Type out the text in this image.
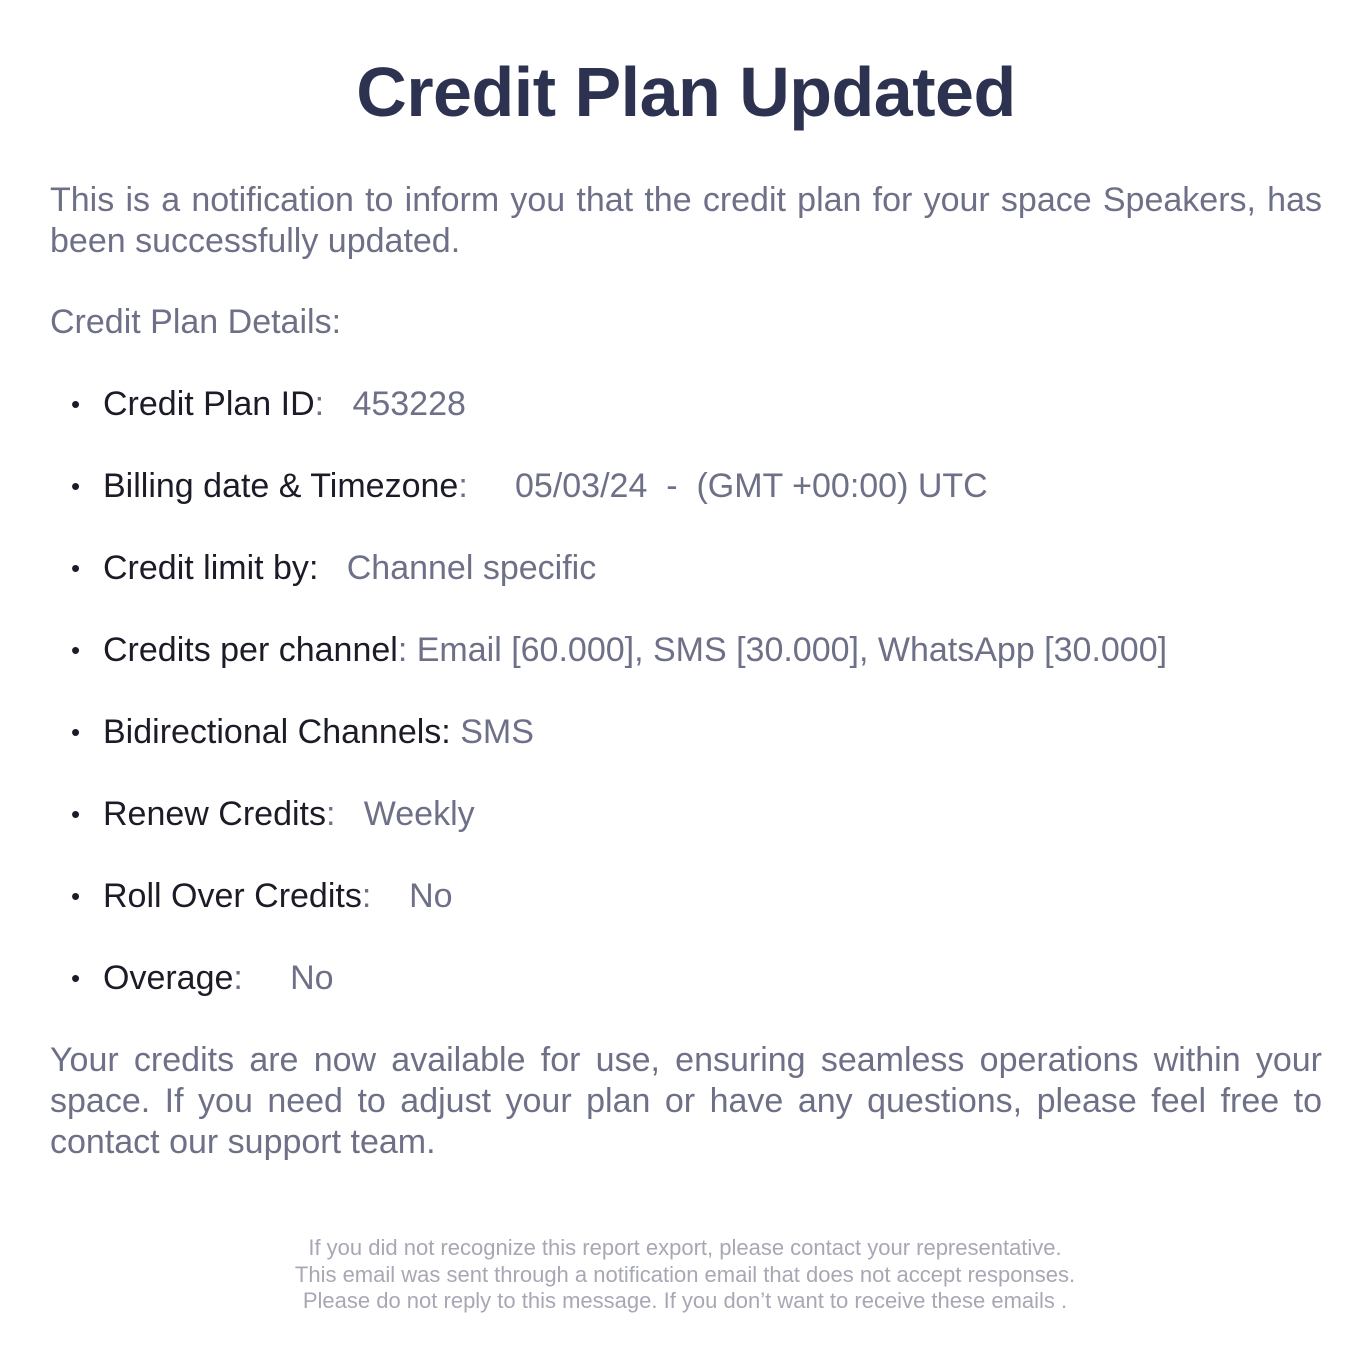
Credit Plan Updated

This is a notification to inform you that the credit plan for your space Speakers, has been successfully updated.

Credit Plan Details:

• Credit Plan ID: 453228
• Billing date & Timezone: 05/03/24  -  (GMT +00:00) UTC
• Credit limit by: Channel specific
• Credits per channel: Email [60.000], SMS [30.000], WhatsApp [30.000]
• Bidirectional Channels: SMS
• Renew Credits: Weekly
• Roll Over Credits: No
• Overage: No

Your credits are now available for use, ensuring seamless operations within your space. If you need to adjust your plan or have any questions, please feel free to contact our support team.

If you did not recognize this report export, please contact your representative.
This email was sent through a notification email that does not accept responses.
Please do not reply to this message. If you don’t want to receive these emails .
